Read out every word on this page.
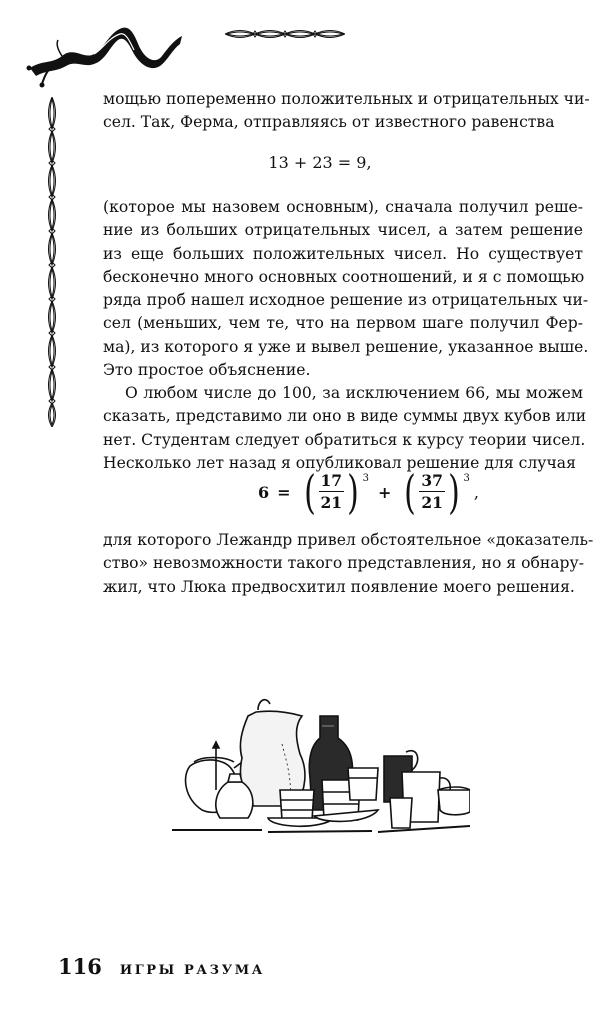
мощью попеременно положительных и отрицательных чи-
сел. Так, Ферма, отправляясь от известного равенства
13 + 23 = 9,
(которое мы назовем основным), сначала получил реше-
ние из больших отрицательных чисел, а затем решение
из еще больших положительных чисел. Но существует
бесконечно много основных соотношений, и я с помощью
ряда проб нашел исходное решение из отрицательных чи-
сел (меньших, чем те, что на первом шаге получил Фер-
ма), из которого я уже и вывел решение, указанное выше.
Это простое объяснение.
О любом числе до 100, за исключением 66, мы можем
сказать, представимо ли оно в виде суммы двух кубов или
нет. Студентам следует обратиться к курсу теории чисел.
Несколько лет назад я опубликовал решение для случая
6 = ( $\frac{17}{21}$ ) 3
+ ( $\frac{37}{21}$ ) 3
,
для которого Лежандр привел обстоятельное «доказатель-
ство» невозможности такого представления, но я обнару-
жил, что Люка предвосхитил появление моего решения.
116 ИГРЫ РАЗУМА
